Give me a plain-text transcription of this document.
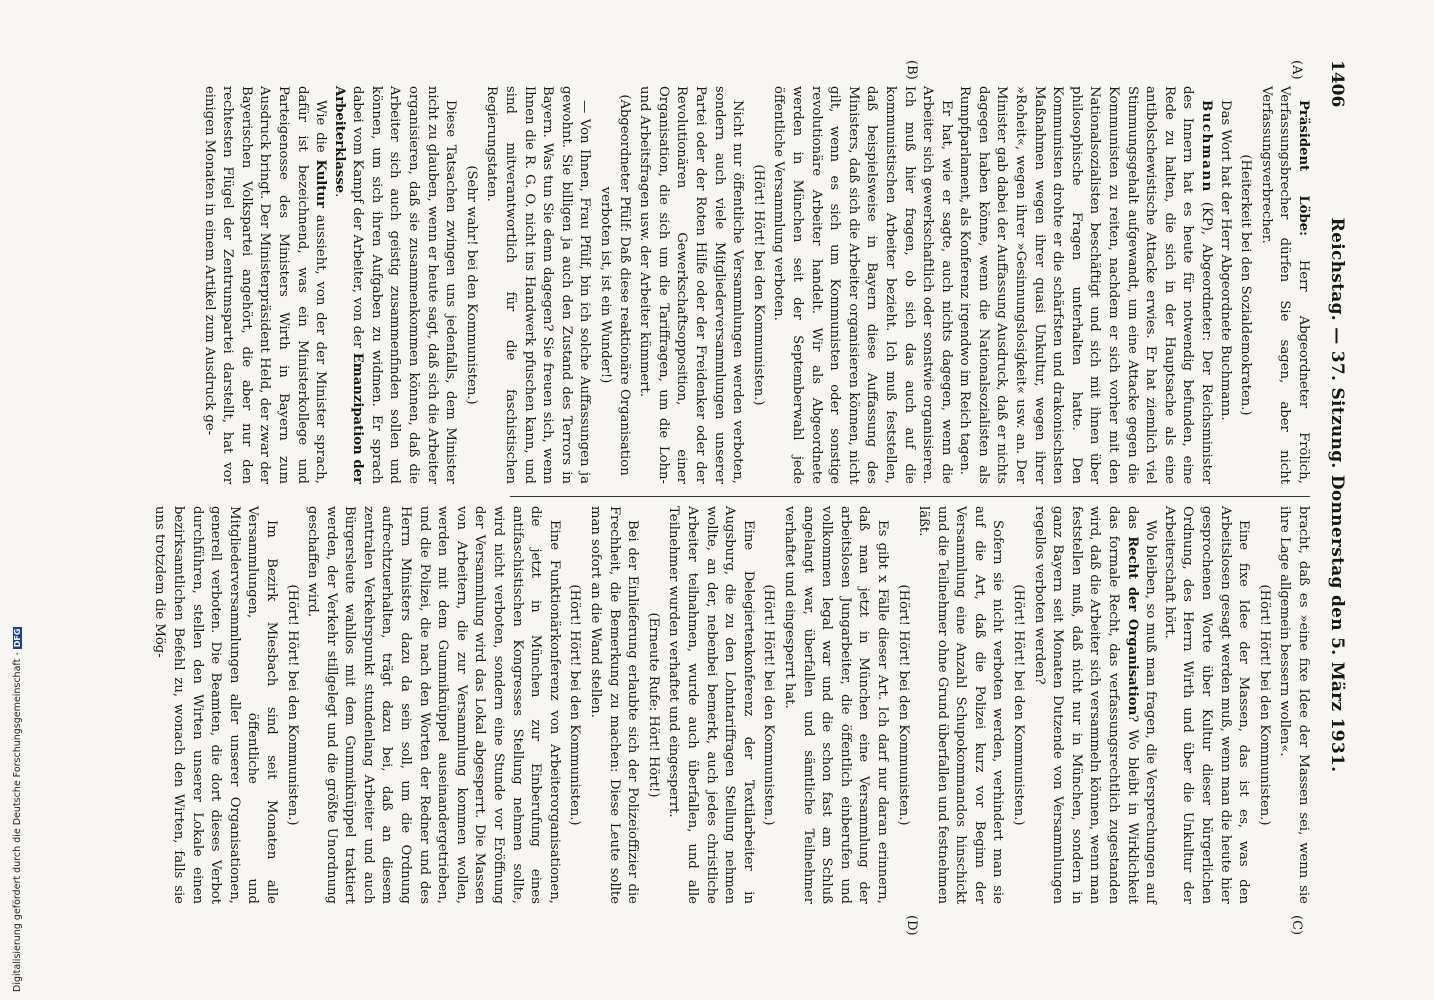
1406
Reichstag. — 37. Sitzung. Donnerstag den 5. März 1931.
(A)
(B)
(C)
(D)

Präsident Löbe: Herr Abgeordneter Frölich, Verfassungsbrecher dürfen Sie sagen, aber nicht Verfassungsverbrecher.

(Heiterkeit bei den Sozialdemokraten.)

Das Wort hat der Herr Abgeordnete Buchmann.

Buchmann (KP), Abgeordneter: Der Reichsminister des Innern hat es heute für notwendig befunden, eine Rede zu halten, die sich in der Hauptsache als eine antibolschewistische Attacke erwies. Er hat ziemlich viel Stimmungsgehalt aufgewandt, um eine Attacke gegen die Kommunisten zu reiten, nachdem er sich vorher mit den Nationalsozialisten beschäftigt und sich mit ihnen über philosophische Fragen unterhalten hatte. Den Kommunisten drohte er die schärfsten und drakonischsten Maßnahmen wegen ihrer quasi Unkultur, wegen ihrer »Roheit«, wegen ihrer »Gesinnungslosigkeit« usw. an. Der Minister gab dabei der Auffassung Ausdruck, daß er nichts dagegen haben könne, wenn die Nationalsozialisten als Rumpfparlament, als Konferenz irgendwo im Reich tagen.

Er hat, wie er sagte, auch nichts dagegen, wenn die Arbeiter sich gewerkschaftlich oder sonstwie organisieren. Ich muß hier fragen, ob sich das auch auf die kommunistischen Arbeiter bezieht. Ich muß feststellen, daß beispielsweise in Bayern diese Auffassung des Ministers, daß sich die Arbeiter organisieren können, nicht gilt, wenn es sich um Kommunisten oder sonstige revolutionäre Arbeiter handelt. Wir als Abgeordnete werden in München seit der Septemberwahl jede öffentliche Versammlung verboten.

(Hört! Hört! bei den Kommunisten.)

Nicht nur öffentliche Versammlungen werden verboten, sondern auch viele Mitgliederversammlungen unserer Partei oder der Roten Hilfe oder der Freidenker oder der Revolutionären Gewerkschaftsopposition, einer Organisation, die sich um die Tariffragen, um die Lohn- und Arbeitsfragen usw. der Arbeiter kümmert.

(Abgeordneter Pfülf: Daß diese reaktionäre Organisation verboten ist, ist ein Wunder!)

— Von Ihnen, Frau Pfülf, bin ich solche Auffassungen ja gewohnt. Sie billigen ja auch den Zustand des Terrors in Bayern. Was tun Sie denn dagegen? Sie freuen sich, wenn Ihnen die R. G. O. nicht ins Handwerk pfuschen kann, und sind mitverantwortlich für die faschistischen Regierungstaten.

(Sehr wahr! bei den Kommunisten.)

Diese Tatsachen zwingen uns jedenfalls, dem Minister nicht zu glauben, wenn er heute sagt, daß sich die Arbeiter organisieren, daß sie zusammenkommen können, daß die Arbeiter sich auch geistig zusammenfinden sollen und können, um sich ihren Aufgaben zu widmen. Er sprach dabei vom Kampf der Arbeiter, von der Emanzipation der Arbeiterklasse.

Wie die Kultur aussieht, von der der Minister sprach, dafür ist bezeichnend, was ein Ministerkollege und Parteigenosse des Ministers Wirth in Bayern zum Ausdruck bringt. Der Ministerpräsident Held, der zwar der Bayerischen Volkspartei angehört, die aber nur den rechtesten Flügel der Zentrumspartei darstellt, hat vor einigen Monaten in einem Artikel zum Ausdruck ge-

bracht, daß es »eine fixe Idee der Massen sei, wenn sie ihre Lage allgemein bessern wollen«.

(Hört! Hört! bei den Kommunisten.)

Eine fixe Idee der Massen, das ist es, was den Arbeitslosen gesagt werden muß, wenn man die heute hier gesprochenen Worte über Kultur dieser bürgerlichen Ordnung, des Herrn Wirth und über die Unkultur der Arbeiterschaft hört.

Wo bleiben, so muß man fragen, die Versprechungen auf das Recht der Organisation? Wo bleibt in Wirklichkeit das formale Recht, das verfassungsrechtlich zugestanden wird, daß die Arbeiter sich versammeln können, wenn man feststellen muß, daß nicht nur in München, sondern in ganz Bayern seit Monaten Dutzende von Versammlungen regellos verboten werden?

(Hört! Hört! bei den Kommunisten.)

Sofern sie nicht verboten werden, verhindert man sie auf die Art, daß die Polizei kurz vor Beginn der Versammlung eine Anzahl Schupokommandos hinschickt und die Teilnehmer ohne Grund überfallen und festnehmen läßt.

(Hört! Hört! bei den Kommunisten.)

Es gibt x Fälle dieser Art. Ich darf nur daran erinnern, daß man jetzt in München eine Versammlung der arbeitslosen Jungarbeiter, die öffentlich einberufen und vollkommen legal war und die schon fast am Schluß angelangt war, überfallen und sämtliche Teilnehmer verhaftet und eingesperrt hat.

(Hört! Hört! bei den Kommunisten.)

Eine Delegiertenkonferenz der Textilarbeiter in Augsburg, die zu den Lohntariffragen Stellung nehmen wollte, an der, nebenbei bemerkt, auch jedes christliche Arbeiter teilnahmen, wurde auch überfallen, und alle Teilnehmer wurden verhaftet und eingesperrt.

(Erneute Rufe: Hört! Hört!)

Bei der Einlieferung erlaubte sich der Polizeioffizier die Frechheit, die Bemerkung zu machen: Diese Leute sollte man sofort an die Wand stellen.

(Hört! Hört! bei den Kommunisten.)

Eine Funktionärkonferenz von Arbeiterorganisationen, die jetzt in München zur Einberufung eines antifaschistischen Kongresses Stellung nehmen sollte, wird nicht verboten, sondern eine Stunde vor Eröffnung der Versammlung wird das Lokal abgesperrt. Die Massen von Arbeitern, die zur Versammlung kommen wollen, werden mit dem Gummiknüppel auseinandergetrieben, und die Polizei, die nach den Worten der Redner und des Herrn Ministers dazu da sein soll, um die Ordnung aufrechtzuerhalten, trägt dazu bei, daß an diesem zentralen Verkehrspunkt stundenlang Arbeiter und auch Bürgersleute wahllos mit dem Gummiknüppel traktiert werden, der Verkehr stillgelegt und die größte Unordnung geschaffen wird.

(Hört! Hört! bei den Kommunisten.)

Im Bezirk Miesbach sind seit Monaten alle Versammlungen, öffentliche und Mitgliederversammlungen aller unserer Organisationen, generell verboten. Die Beamten, die dort dieses Verbot durchführen, stellen den Wirten unserer Lokale einen bezirksamtlichen Befehl zu, wonach den Wirten, falls sie uns trotzdem die Mög-

Digitalisierung gefördert durch die Deutsche Forschungsgemeinschaft -DFG
